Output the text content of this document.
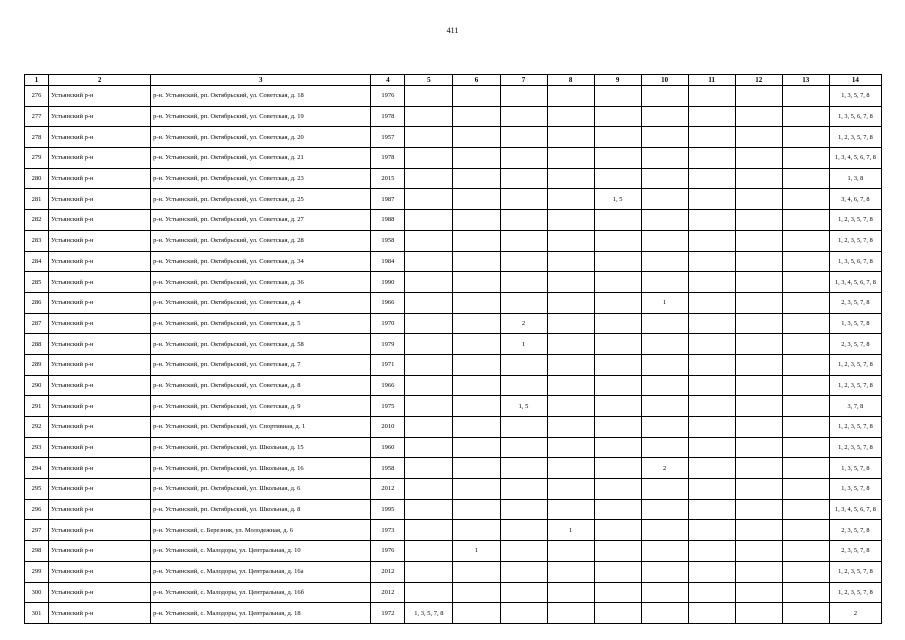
411
1	2	3	4	5	6	7	8	9	10	11	12	13	14
276	Устьянский р-н	р-н. Устьянский, рп. Октябрьский, ул. Советская, д. 18	1976										1, 3, 5, 7, 8
277	Устьянский р-н	р-н. Устьянский, рп. Октябрьский, ул. Советская, д. 19	1978										1, 3, 5, 6, 7, 8
278	Устьянский р-н	р-н. Устьянский, рп. Октябрьский, ул. Советская, д. 20	1957										1, 2, 3, 5, 7, 8
279	Устьянский р-н	р-н. Устьянский, рп. Октябрьский, ул. Советская, д. 21	1978										1, 3, 4, 5, 6, 7, 8
280	Устьянский р-н	р-н. Устьянский, рп. Октябрьский, ул. Советская, д. 23	2015										1, 3, 8
281	Устьянский р-н	р-н. Устьянский, рп. Октябрьский, ул. Советская, д. 25	1987					1, 5					3, 4, 6, 7, 8
282	Устьянский р-н	р-н. Устьянский, рп. Октябрьский, ул. Советская, д. 27	1988										1, 2, 3, 5, 7, 8
283	Устьянский р-н	р-н. Устьянский, рп. Октябрьский, ул. Советская, д. 28	1958										1, 2, 3, 5, 7, 8
284	Устьянский р-н	р-н. Устьянский, рп. Октябрьский, ул. Советская, д. 34	1984										1, 3, 5, 6, 7, 8
285	Устьянский р-н	р-н. Устьянский, рп. Октябрьский, ул. Советская, д. 36	1990										1, 3, 4, 5, 6, 7, 8
286	Устьянский р-н	р-н. Устьянский, рп. Октябрьский, ул. Советская, д. 4	1966						1				2, 3, 5, 7, 8
287	Устьянский р-н	р-н. Устьянский, рп. Октябрьский, ул. Советская, д. 5	1970			2							1, 3, 5, 7, 8
288	Устьянский р-н	р-н. Устьянский, рп. Октябрьский, ул. Советская, д. 58	1979			1							2, 3, 5, 7, 8
289	Устьянский р-н	р-н. Устьянский, рп. Октябрьский, ул. Советская, д. 7	1971										1, 2, 3, 5, 7, 8
290	Устьянский р-н	р-н. Устьянский, рп. Октябрьский, ул. Советская, д. 8	1966										1, 2, 3, 5, 7, 8
291	Устьянский р-н	р-н. Устьянский, рп. Октябрьский, ул. Советская, д. 9	1975			1, 5							3, 7, 8
292	Устьянский р-н	р-н. Устьянский, рп. Октябрьский, ул. Спортивная, д. 1	2010										1, 2, 3, 5, 7, 8
293	Устьянский р-н	р-н. Устьянский, рп. Октябрьский, ул. Школьная, д. 15	1960										1, 2, 3, 5, 7, 8
294	Устьянский р-н	р-н. Устьянский, рп. Октябрьский, ул. Школьная, д. 16	1958						2				1, 3, 5, 7, 8
295	Устьянский р-н	р-н. Устьянский, рп. Октябрьский, ул. Школьная, д. 6	2012										1, 3, 5, 7, 8
296	Устьянский р-н	р-н. Устьянский, рп. Октябрьский, ул. Школьная, д. 8	1995										1, 3, 4, 5, 6, 7, 8
297	Устьянский р-н	р-н. Устьянский, с. Березник, ул. Молодежная, д. 6	1973				1						2, 3, 5, 7, 8
298	Устьянский р-н	р-н. Устьянский, с. Малодоры, ул. Центральная, д. 10	1976		1								2, 3, 5, 7, 8
299	Устьянский р-н	р-н. Устьянский, с. Малодоры, ул. Центральная, д. 16а	2012										1, 2, 3, 5, 7, 8
300	Устьянский р-н	р-н. Устьянский, с. Малодоры, ул. Центральная, д. 16б	2012										1, 2, 3, 5, 7, 8
301	Устьянский р-н	р-н. Устьянский, с. Малодоры, ул. Центральная, д. 18	1972	1, 3, 5, 7, 8									2
